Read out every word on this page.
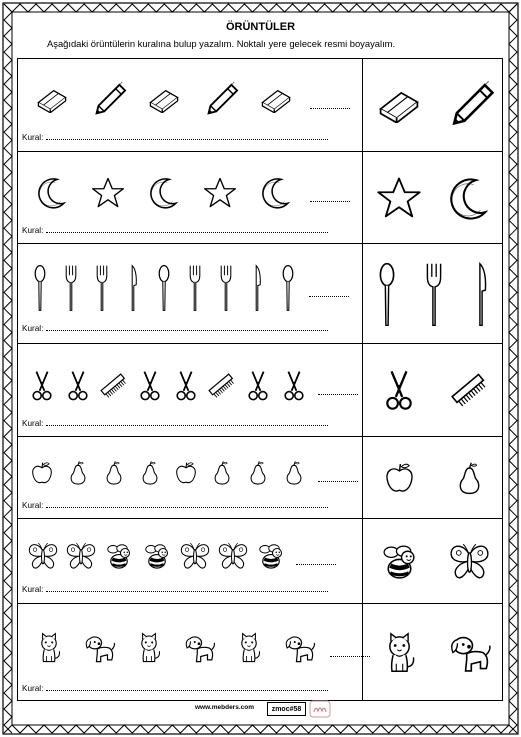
ÖRÜNTÜLER
Aşağıdaki örüntülerin kuralına bulup yazalım. Noktalı yere gelecek resmi boyayalım.
Kural:
Kural:
Kural:
Kural:
Kural:
Kural:
Kural:
www.mebders.com	zmoc#58
